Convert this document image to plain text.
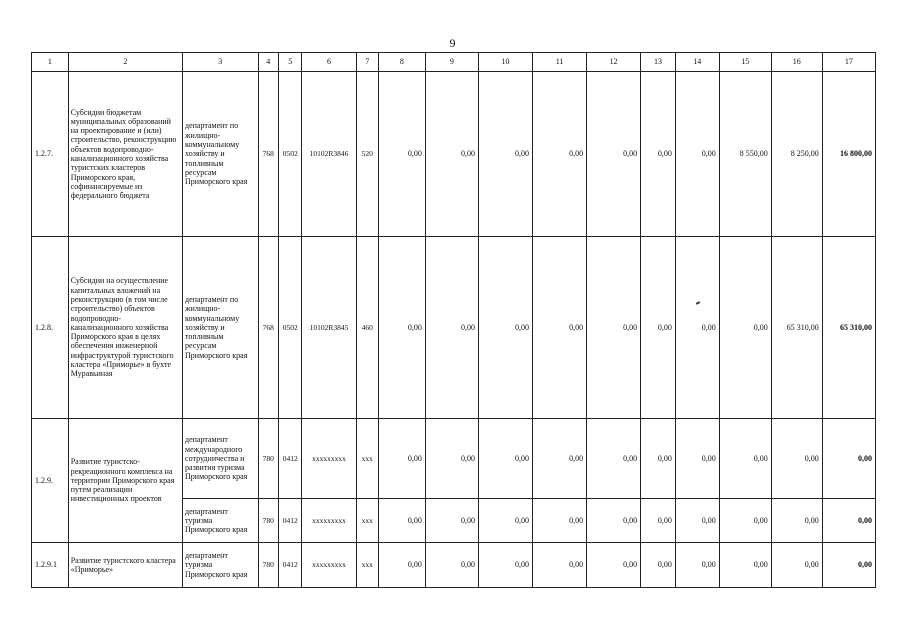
9
1	2	3	4	5	6	7	8	9	10	11	12	13	14	15	16	17
1.2.7.	Субсидии бюджетам муниципальных образований на проектирование и (или) строительство, реконструкцию объектов водопроводно-канализационного хозяйства туристских кластеров Приморского края, софинансируемые из федерального бюджета	департамент по жилищно-коммунальному хозяйству и топливным ресурсам Приморского края	768	0502	10102R3846	520	0,00	0,00	0,00	0,00	0,00	0,00	0,00	8 550,00	8 250,00	16 800,00
1.2.8.	Субсидии на осуществление капитальных вложений на реконструкцию (в том числе строительство) объектов водопроводно-канализационного хозяйства Приморского края в целях обеспечения инженерной инфраструктурой туристского кластера «Приморье» в бухте Муравьиная	департамент по жилищно-коммунальному хозяйству и топливным ресурсам Приморского края	768	0502	10102R3845	460	0,00	0,00	0,00	0,00	0,00	0,00	0,00	0,00	65 310,00	65 310,00
1.2.9.	Развитие туристско-рекреационного комплекса на территории Приморского края путем реализации инвестиционных проектов	департамент международного сотрудничества и развития туризма Приморского края	780	0412	ххххххххх	ххх	0,00	0,00	0,00	0,00	0,00	0,00	0,00	0,00	0,00	0,00
		департамент туризма Приморского края	780	0412	ххххххххх	ххх	0,00	0,00	0,00	0,00	0,00	0,00	0,00	0,00	0,00	0,00
1.2.9.1	Развитие туристского кластера «Приморье»	департамент туризма Приморского края	780	0412	ххххххххх	ххх	0,00	0,00	0,00	0,00	0,00	0,00	0,00	0,00	0,00	0,00
